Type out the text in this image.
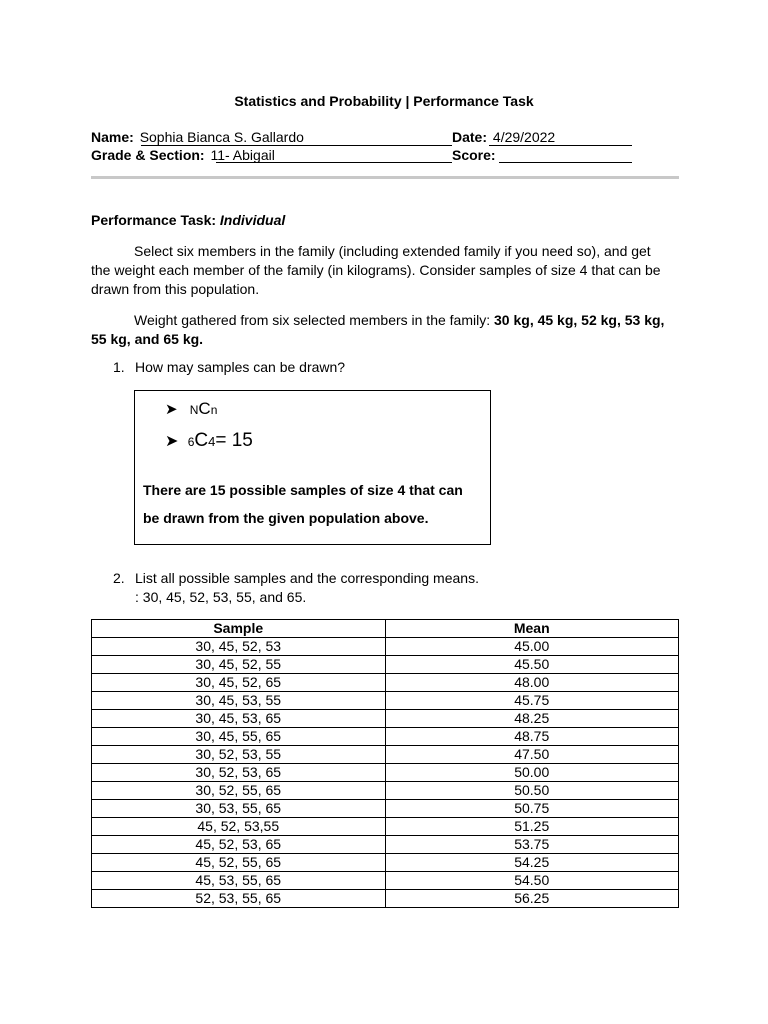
Statistics and Probability | Performance Task
Name: Sophia Bianca S. Gallardo	Date: 4/29/2022
Grade & Section: 11- Abigail	Score:
Performance Task: Individual
Select six members in the family (including extended family if you need so), and get the weight each member of the family (in kilograms). Consider samples of size 4 that can be drawn from this population.
Weight gathered from six selected members in the family: 30 kg, 45 kg, 52 kg, 53 kg, 55 kg, and 65 kg.
1. How may samples can be drawn?
➤ NCn
➤ 6C4= 15
There are 15 possible samples of size 4 that can be drawn from the given population above.
2. List all possible samples and the corresponding means.
: 30, 45, 52, 53, 55, and 65.
Sample	Mean
30, 45, 52, 53	45.00
30, 45, 52, 55	45.50
30, 45, 52, 65	48.00
30, 45, 53, 55	45.75
30, 45, 53, 65	48.25
30, 45, 55, 65	48.75
30, 52, 53, 55	47.50
30, 52, 53, 65	50.00
30, 52, 55, 65	50.50
30, 53, 55, 65	50.75
45, 52, 53,55	51.25
45, 52, 53, 65	53.75
45, 52, 55, 65	54.25
45, 53, 55, 65	54.50
52, 53, 55, 65	56.25
